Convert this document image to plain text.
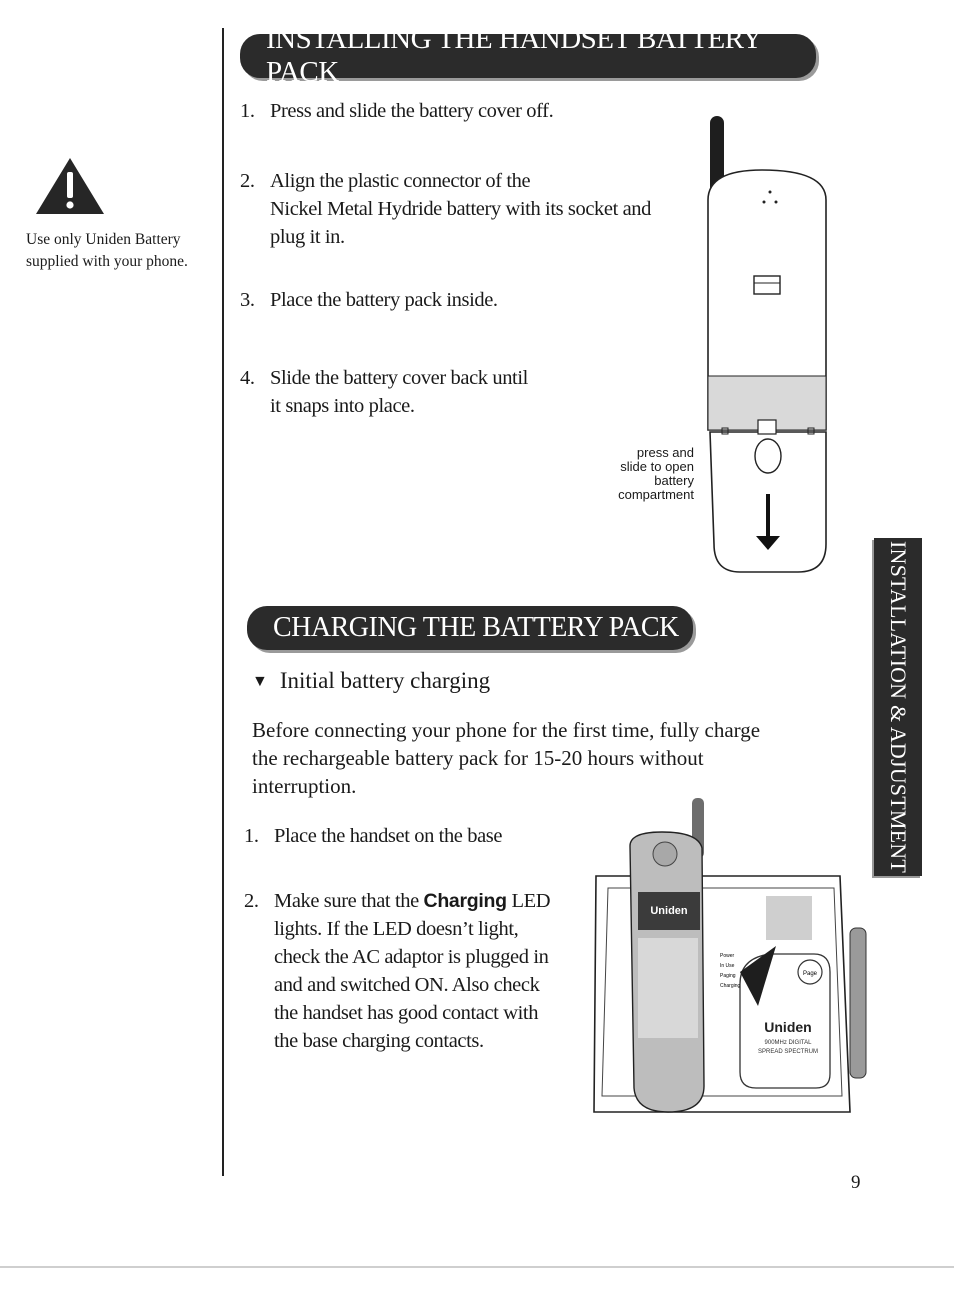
Use only Uniden Battery supplied with your phone.
INSTALLING THE HANDSET BATTERY PACK
1. Press and slide the battery cover off.
2. Align the plastic connector of the
Nickel Metal Hydride battery with its socket and plug it in.
3. Place the battery pack inside.
4. Slide the battery cover back until it snaps into place.
press and
slide to open
battery
compartment
CHARGING THE BATTERY PACK
▼ Initial battery charging
Before connecting your phone for the first time, fully charge the rechargeable battery pack for 15-20 hours without interruption.
1. Place the handset on the base
2. Make sure that the Charging LED lights. If the LED doesn’t light, check the AC adaptor is plugged in and and switched ON. Also check the handset has good contact with the base charging contacts.
Page
Uniden
900MHz DIGITAL
SPREAD SPECTRUM
Power
In Use
Paging
Charging
Uniden
INSTALLATION & ADJUSTMENT
9
